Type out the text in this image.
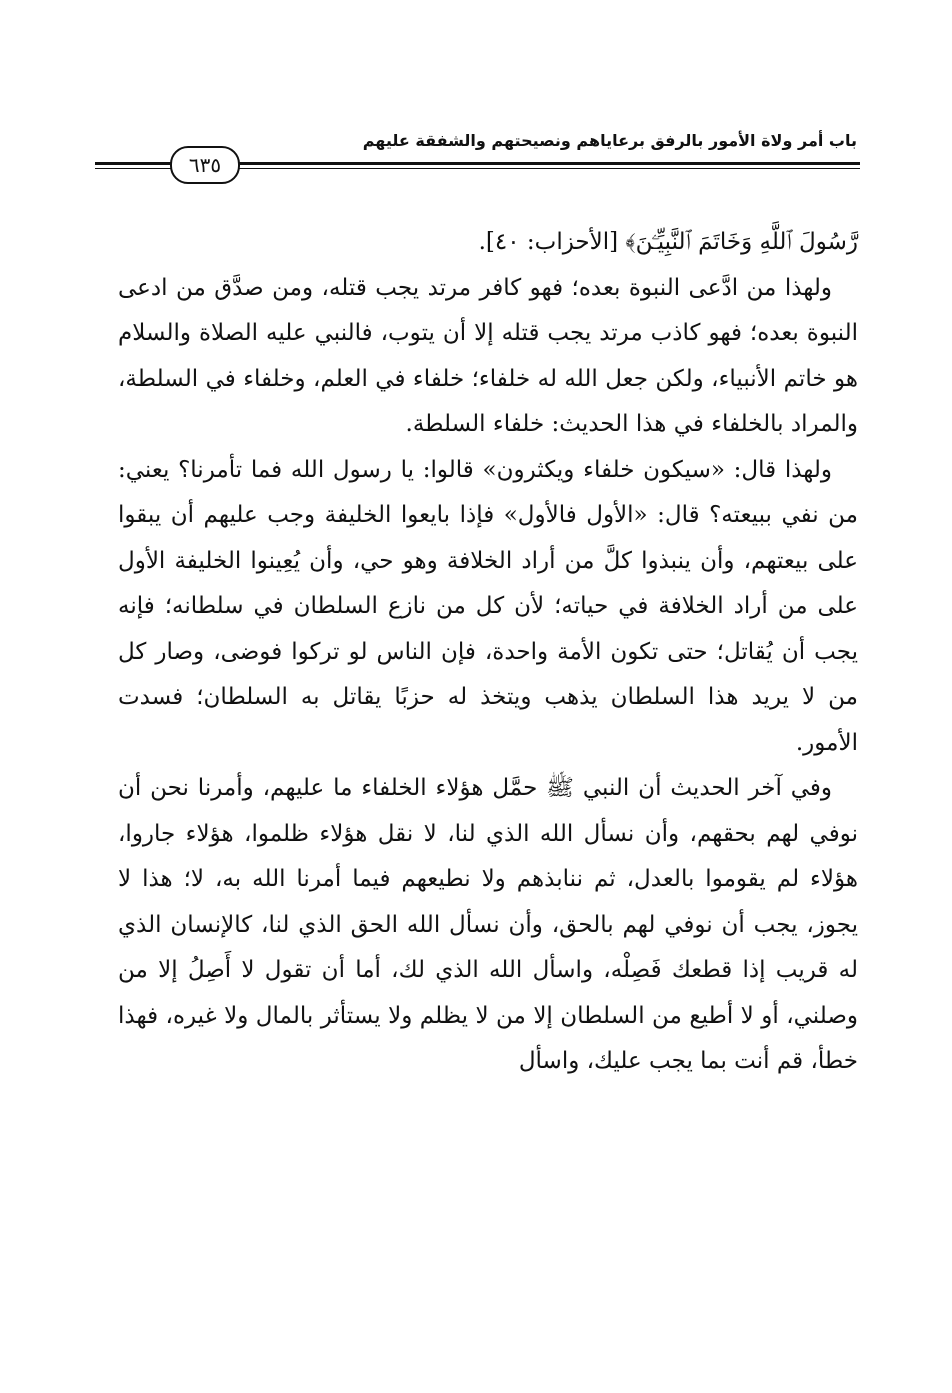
باب أمر ولاة الأمور بالرفق برعاياهم ونصيحتهم والشفقة عليهم
٦٣٥

رَّسُولَ ٱللَّهِ وَخَاتَمَ ٱلنَّبِيِّـۧنَ﴾ [الأحزاب: ٤٠].

ولهذا من ادَّعى النبوة بعده؛ فهو كافر مرتد يجب قتله، ومن صدَّق من ادعى النبوة بعده؛ فهو كاذب مرتد يجب قتله إلا أن يتوب، فالنبي عليه الصلاة والسلام هو خاتم الأنبياء، ولكن جعل الله له خلفاء؛ خلفاء في العلم، وخلفاء في السلطة، والمراد بالخلفاء في هذا الحديث: خلفاء السلطة.

ولهذا قال: «سيكون خلفاء ويكثرون» قالوا: يا رسول الله فما تأمرنا؟ يعني: من نفي ببيعته؟ قال: «الأول فالأول» فإذا بايعوا الخليفة وجب عليهم أن يبقوا على بيعتهم، وأن ينبذوا كلَّ من أراد الخلافة وهو حي، وأن يُعِينوا الخليفة الأول على من أراد الخلافة في حياته؛ لأن كل من نازع السلطان في سلطانه؛ فإنه يجب أن يُقاتل؛ حتى تكون الأمة واحدة، فإن الناس لو تركوا فوضى، وصار كل من لا يريد هذا السلطان يذهب ويتخذ له حزبًا يقاتل به السلطان؛ فسدت الأمور.

وفي آخر الحديث أن النبي ﷺ حمَّل هؤلاء الخلفاء ما عليهم، وأمرنا نحن أن نوفي لهم بحقهم، وأن نسأل الله الذي لنا، لا نقل هؤلاء ظلموا، هؤلاء جاروا، هؤلاء لم يقوموا بالعدل، ثم ننابذهم ولا نطيعهم فيما أمرنا الله به، لا؛ هذا لا يجوز، يجب أن نوفي لهم بالحق، وأن نسأل الله الحق الذي لنا، كالإنسان الذي له قريب إذا قطعك فَصِلْه، واسأل الله الذي لك، أما أن تقول لا أَصِلُ إلا من وصلني، أو لا أطيع من السلطان إلا من لا يظلم ولا يستأثر بالمال ولا غيره، فهذا خطأ، قم أنت بما يجب عليك، واسأل
